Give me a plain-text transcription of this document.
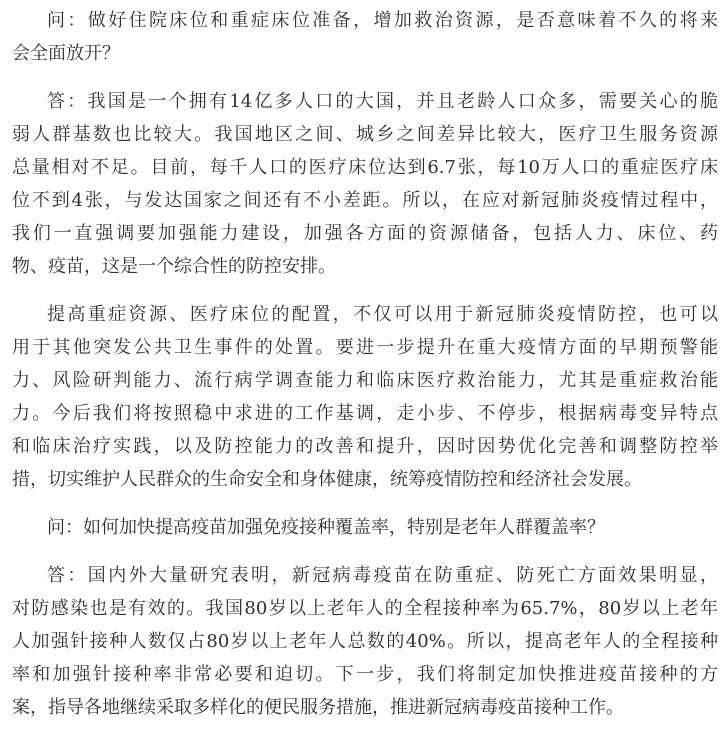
问：做好住院床位和重症床位准备，增加救治资源，是否意味着不久的将来
会全面放开？
答：我国是一个拥有14亿多人口的大国，并且老龄人口众多，需要关心的脆
弱人群基数也比较大。我国地区之间、城乡之间差异比较大，医疗卫生服务资源
总量相对不足。目前，每千人口的医疗床位达到6.7张，每10万人口的重症医疗床
位不到4张，与发达国家之间还有不小差距。所以，在应对新冠肺炎疫情过程中，
我们一直强调要加强能力建设，加强各方面的资源储备，包括人力、床位、药
物、疫苗，这是一个综合性的防控安排。
提高重症资源、医疗床位的配置，不仅可以用于新冠肺炎疫情防控，也可以
用于其他突发公共卫生事件的处置。要进一步提升在重大疫情方面的早期预警能
力、风险研判能力、流行病学调查能力和临床医疗救治能力，尤其是重症救治能
力。今后我们将按照稳中求进的工作基调，走小步、不停步，根据病毒变异特点
和临床治疗实践，以及防控能力的改善和提升，因时因势优化完善和调整防控举
措，切实维护人民群众的生命安全和身体健康，统筹疫情防控和经济社会发展。
问：如何加快提高疫苗加强免疫接种覆盖率，特别是老年人群覆盖率？
答：国内外大量研究表明，新冠病毒疫苗在防重症、防死亡方面效果明显，
对防感染也是有效的。我国80岁以上老年人的全程接种率为65.7%，80岁以上老年
人加强针接种人数仅占80岁以上老年人总数的40%。所以，提高老年人的全程接种
率和加强针接种率非常必要和迫切。下一步，我们将制定加快推进疫苗接种的方
案，指导各地继续采取多样化的便民服务措施，推进新冠病毒疫苗接种工作。
